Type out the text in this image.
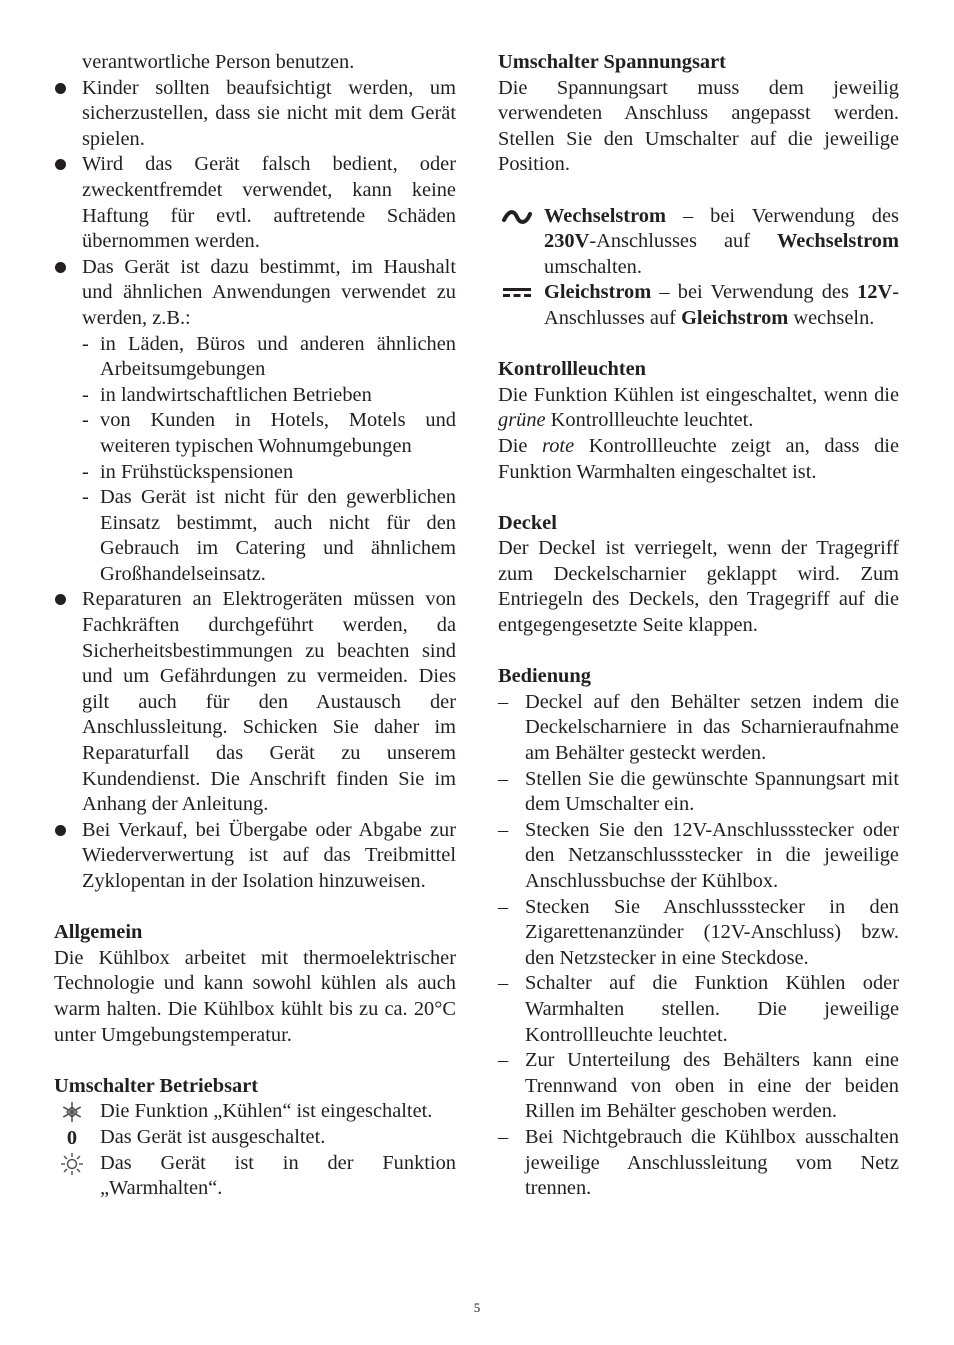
verantwortliche Person benutzen.

Kinder sollten beaufsichtigt werden, um sicherzustellen, dass sie nicht mit dem Gerät spielen.
Wird das Gerät falsch bedient, oder zweckentfremdet verwendet, kann keine Haftung für evtl. auftretende Schäden übernommen werden.
Das Gerät ist dazu bestimmt, im Haushalt und ähnlichen Anwendungen verwendet zu werden, z.B.:
- in Läden, Büros und anderen ähnlichen Arbeitsumgebungen
- in landwirtschaftlichen Betrieben
- von Kunden in Hotels, Motels und weiteren typischen Wohnumgebungen
- in Frühstückspensionen
- Das Gerät ist nicht für den gewerblichen Einsatz bestimmt, auch nicht für den Gebrauch im Catering und ähnlichem Großhandelseinsatz.
Reparaturen an Elektrogeräten müssen von Fachkräften durchgeführt werden, da Sicherheitsbestimmungen zu beachten sind und um Gefährdungen zu vermeiden. Dies gilt auch für den Austausch der Anschlussleitung. Schicken Sie daher im Reparaturfall das Gerät zu unserem Kundendienst. Die Anschrift finden Sie im Anhang der Anleitung.
Bei Verkauf, bei Übergabe oder Abgabe zur Wiederverwertung ist auf das Treibmittel Zyklopentan in der Isolation hinzuweisen.

Allgemein

Die Kühlbox arbeitet mit thermoelektrischer Technologie und kann sowohl kühlen als auch warm halten. Die Kühlbox kühlt bis zu ca. 20°C unter Umgebungstemperatur.

Umschalter Betriebsart

Die Funktion „Kühlen“ ist eingeschaltet.
0	Das Gerät ist ausgeschaltet.
Das Gerät ist in der Funktion „Warmhalten“.

Umschalter Spannungsart

Die Spannungsart muss dem jeweilig verwendeten Anschluss angepasst werden. Stellen Sie den Umschalter auf die jeweilige Position.

Wechselstrom – bei Verwendung des 230V-Anschlusses auf Wechselstrom umschalten.
Gleichstrom – bei Verwendung des 12V-Anschlusses auf Gleichstrom wechseln.

Kontrollleuchten

Die Funktion Kühlen ist eingeschaltet, wenn die grüne Kontrollleuchte leuchtet.

Die rote Kontrollleuchte zeigt an, dass die Funktion Warmhalten eingeschaltet ist.

Deckel

Der Deckel ist verriegelt, wenn der Tragegriff zum Deckelscharnier geklappt wird. Zum Entriegeln des Deckels, den Tragegriff auf die entgegengesetzte Seite klappen.

Bedienung

– Deckel auf den Behälter setzen indem die Deckelscharniere in das Scharnieraufnahme am Behälter gesteckt werden.
– Stellen Sie die gewünschte Spannungsart mit dem Umschalter ein.
– Stecken Sie den 12V-Anschlussstecker oder den Netzanschlussstecker in die jeweilige Anschlussbuchse der Kühlbox.
– Stecken Sie Anschlussstecker in den Zigarettenanzünder (12V-Anschluss) bzw. den Netzstecker in eine Steckdose.
– Schalter auf die Funktion Kühlen oder Warmhalten stellen. Die jeweilige Kontrollleuchte leuchtet.
– Zur Unterteilung des Behälters kann eine Trennwand von oben in eine der beiden Rillen im Behälter geschoben werden.
– Bei Nichtgebrauch die Kühlbox ausschalten jeweilige Anschlussleitung vom Netz trennen.
5
